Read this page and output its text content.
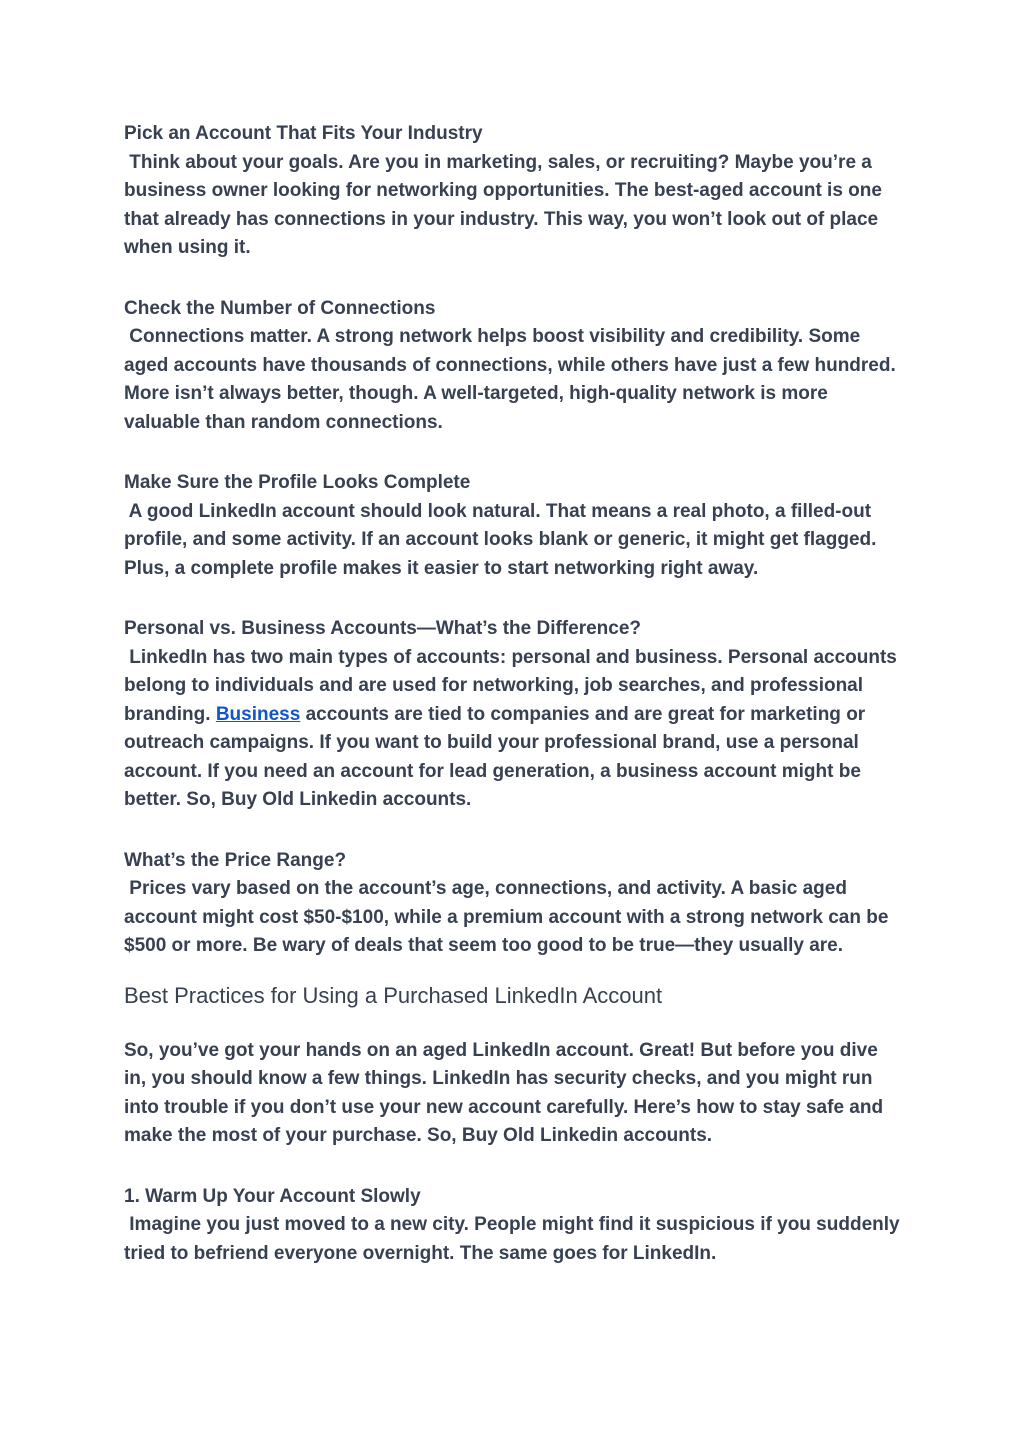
Pick an Account That Fits Your Industry

Think about your goals. Are you in marketing, sales, or recruiting? Maybe you’re a business owner looking for networking opportunities. The best-aged account is one that already has connections in your industry. This way, you won’t look out of place when using it.

Check the Number of Connections

Connections matter. A strong network helps boost visibility and credibility. Some aged accounts have thousands of connections, while others have just a few hundred. More isn’t always better, though. A well-targeted, high-quality network is more valuable than random connections.

Make Sure the Profile Looks Complete

A good LinkedIn account should look natural. That means a real photo, a filled-out profile, and some activity. If an account looks blank or generic, it might get flagged. Plus, a complete profile makes it easier to start networking right away.

Personal vs. Business Accounts—What’s the Difference?

LinkedIn has two main types of accounts: personal and business. Personal accounts belong to individuals and are used for networking, job searches, and professional branding. Business accounts are tied to companies and are great for marketing or outreach campaigns. If you want to build your professional brand, use a personal account. If you need an account for lead generation, a business account might be better. So, Buy Old Linkedin accounts.

What’s the Price Range?

Prices vary based on the account’s age, connections, and activity. A basic aged account might cost $50-$100, while a premium account with a strong network can be $500 or more. Be wary of deals that seem too good to be true—they usually are.

Best Practices for Using a Purchased LinkedIn Account

So, you’ve got your hands on an aged LinkedIn account. Great! But before you dive in, you should know a few things. LinkedIn has security checks, and you might run into trouble if you don’t use your new account carefully. Here’s how to stay safe and make the most of your purchase. So, Buy Old Linkedin accounts.

1. Warm Up Your Account Slowly

Imagine you just moved to a new city. People might find it suspicious if you suddenly tried to befriend everyone overnight. The same goes for LinkedIn.
